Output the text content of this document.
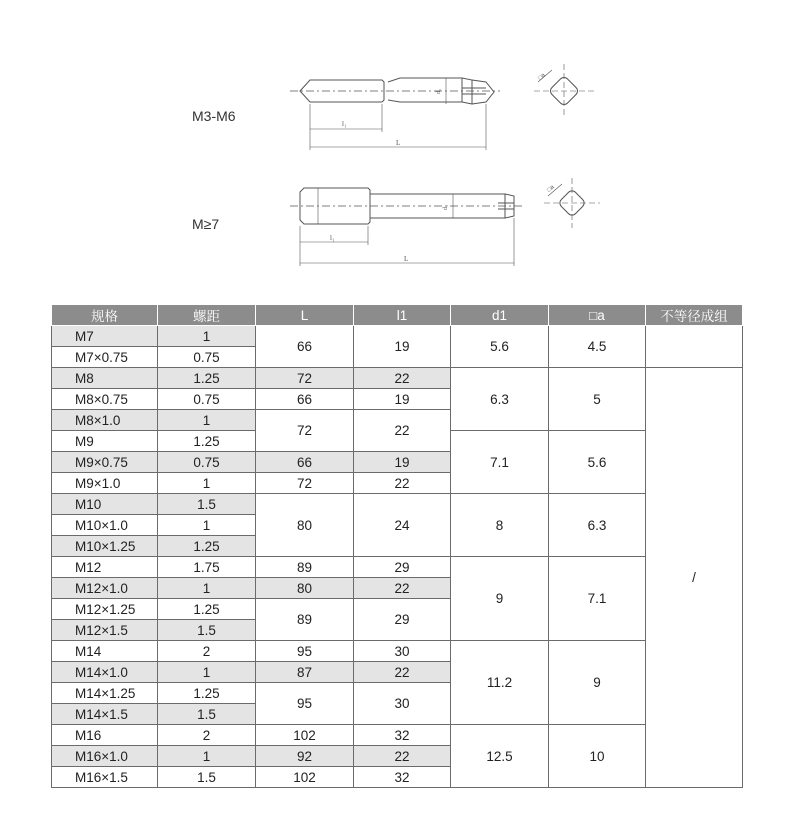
M3-M6
M≥7
l₁
L
d₁
□a
l₁
L
d₁
□a
规格	螺距	L	l1	d1	□a	不等径成组
M7	1	66	19	5.6	4.5	
M7×0.75	0.75					
M8	1.25	72	22	6.3	5	/
M8×0.75	0.75	66	19			
M8×1.0	1	72	22			
M9	1.25			7.1	5.6	
M9×0.75	0.75	66	19			
M9×1.0	1	72	22			
M10	1.5	80	24	8	6.3	
M10×1.0	1					
M10×1.25	1.25					
M12	1.75	89	29	9	7.1	
M12×1.0	1	80	22			
M12×1.25	1.25	89	29			
M12×1.5	1.5					
M14	2	95	30	11.2	9	
M14×1.0	1	87	22			
M14×1.25	1.25	95	30			
M14×1.5	1.5					
M16	2	102	32	12.5	10	
M16×1.0	1	92	22			
M16×1.5	1.5	102	32			
